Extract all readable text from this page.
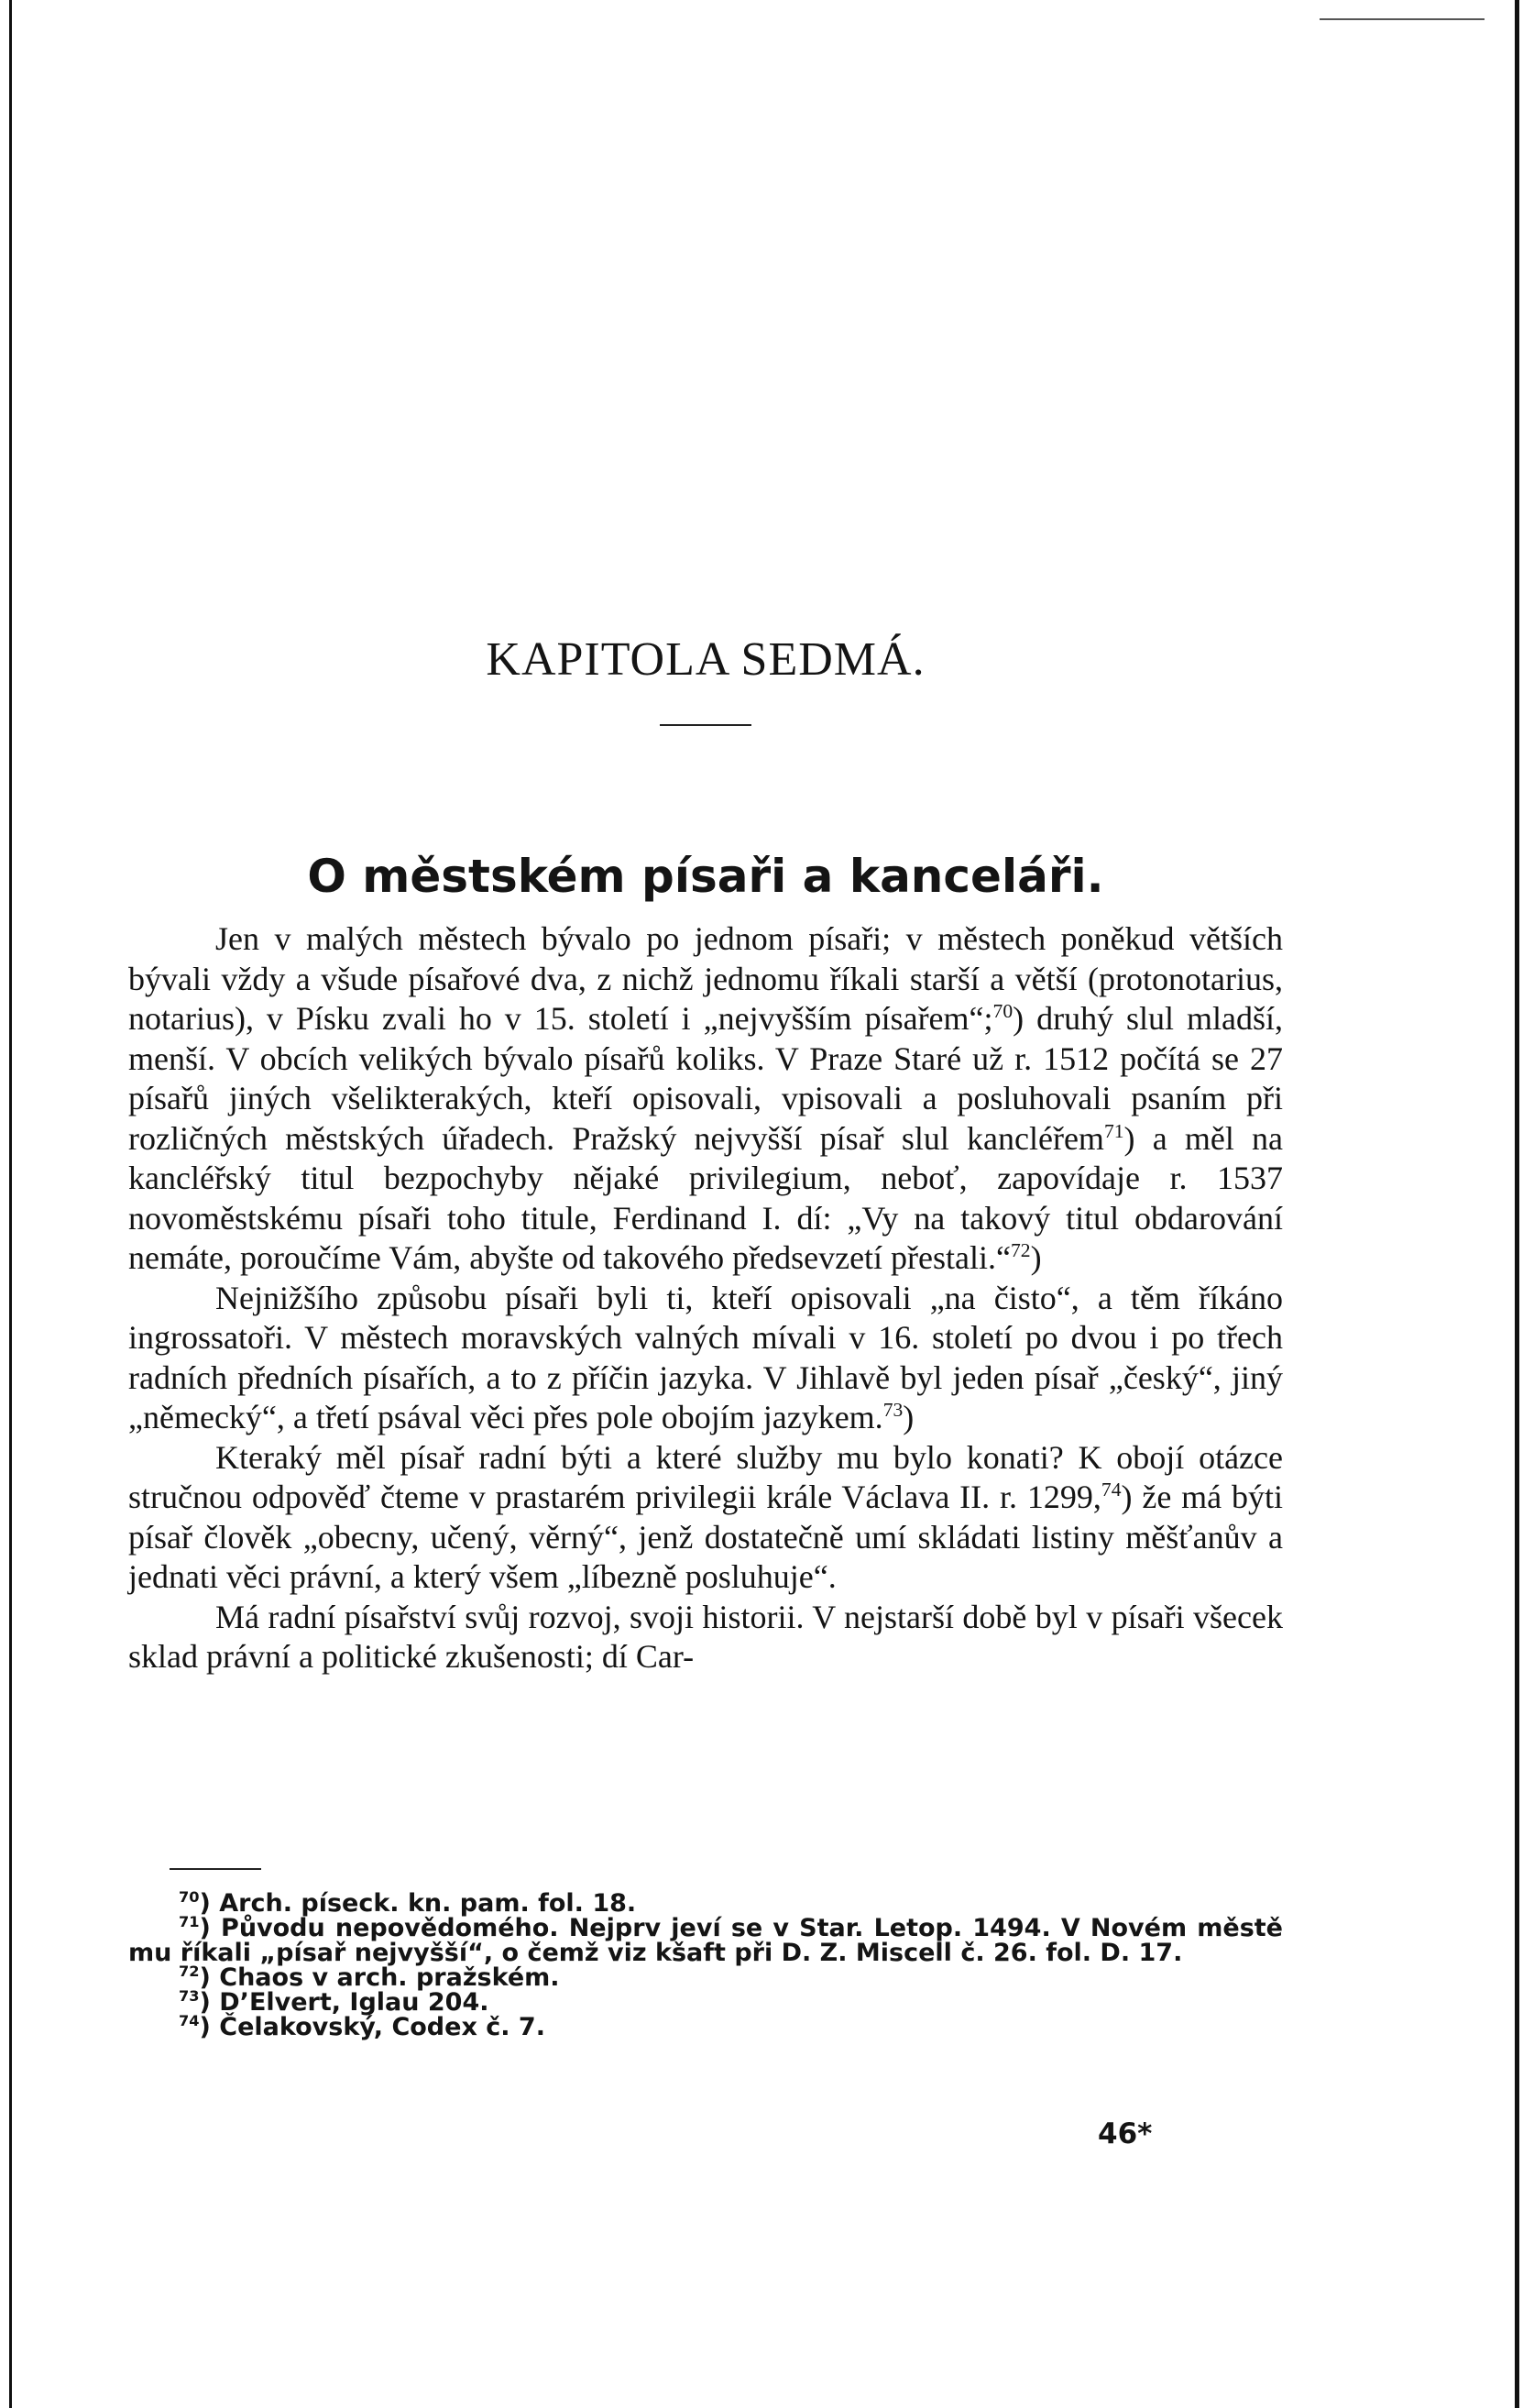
KAPITOLA SEDMÁ.
O městském písaři a kanceláři.

Jen v malých městech bývalo po jednom písaři; v městech poněkud větších bývali vždy a všude písařové dva, z nichž jednomu říkali starší a větší (protonotarius, notarius), v Písku zvali ho v 15. století i „nejvyšším písařem“;$^{70}$) druhý slul mladší, menší. V obcích velikých bývalo písařů koliks. V Praze Staré už r. 1512 počítá se 27 písařů jiných všelikterakých, kteří opisovali, vpisovali a posluhovali psaním při rozličných městských úřadech. Pražský nejvyšší písař slul kancléřem$^{71}$) a měl na kancléřský titul bezpochyby nějaké privilegium, neboť, zapovídaje r. 1537 novoměstskému písaři toho titule, Ferdinand I. dí: „Vy na takový titul obdarování nemáte, poroučíme Vám, abyšte od takového předsevzetí přestali.“$^{72}$)

Nejnižšího způsobu písaři byli ti, kteří opisovali „na čisto“, a těm říkáno ingrossatoři. V městech moravských valných mívali v 16. století po dvou i po třech radních předních písařích, a to z příčin jazyka. V Jihlavě byl jeden písař „český“, jiný „německý“, a třetí psával věci přes pole obojím jazykem.$^{73}$)

Kteraký měl písař radní býti a které služby mu bylo konati? K obojí otázce stručnou odpověď čteme v prastarém privilegii krále Václava II. r. 1299,74) že má býti písař člověk „obecny, učený, věrný“, jenž dostatečně umí skládati listiny měšťanův a jednati věci právní, a který všem „líbezně posluhuje“.

Má radní písařství svůj rozvoj, svoji historii. V nejstarší době byl v písaři všecek sklad právní a politické zkušenosti; dí Car-

$^{70}$) Arch. píseck. kn. pam. fol. 18.

$^{71}$) Původu nepovědomého. Nejprv jeví se v Star. Letop. 1494. V Novém městě mu říkali „písař nejvyšší“, o čemž viz kšaft při D. Z. Miscell č. 26. fol. D. 17.

$^{72}$) Chaos v arch. pražském.

$^{73}$) D’Elvert, Iglau 204.

$^{74}$) Čelakovský, Codex č. 7.

46*
